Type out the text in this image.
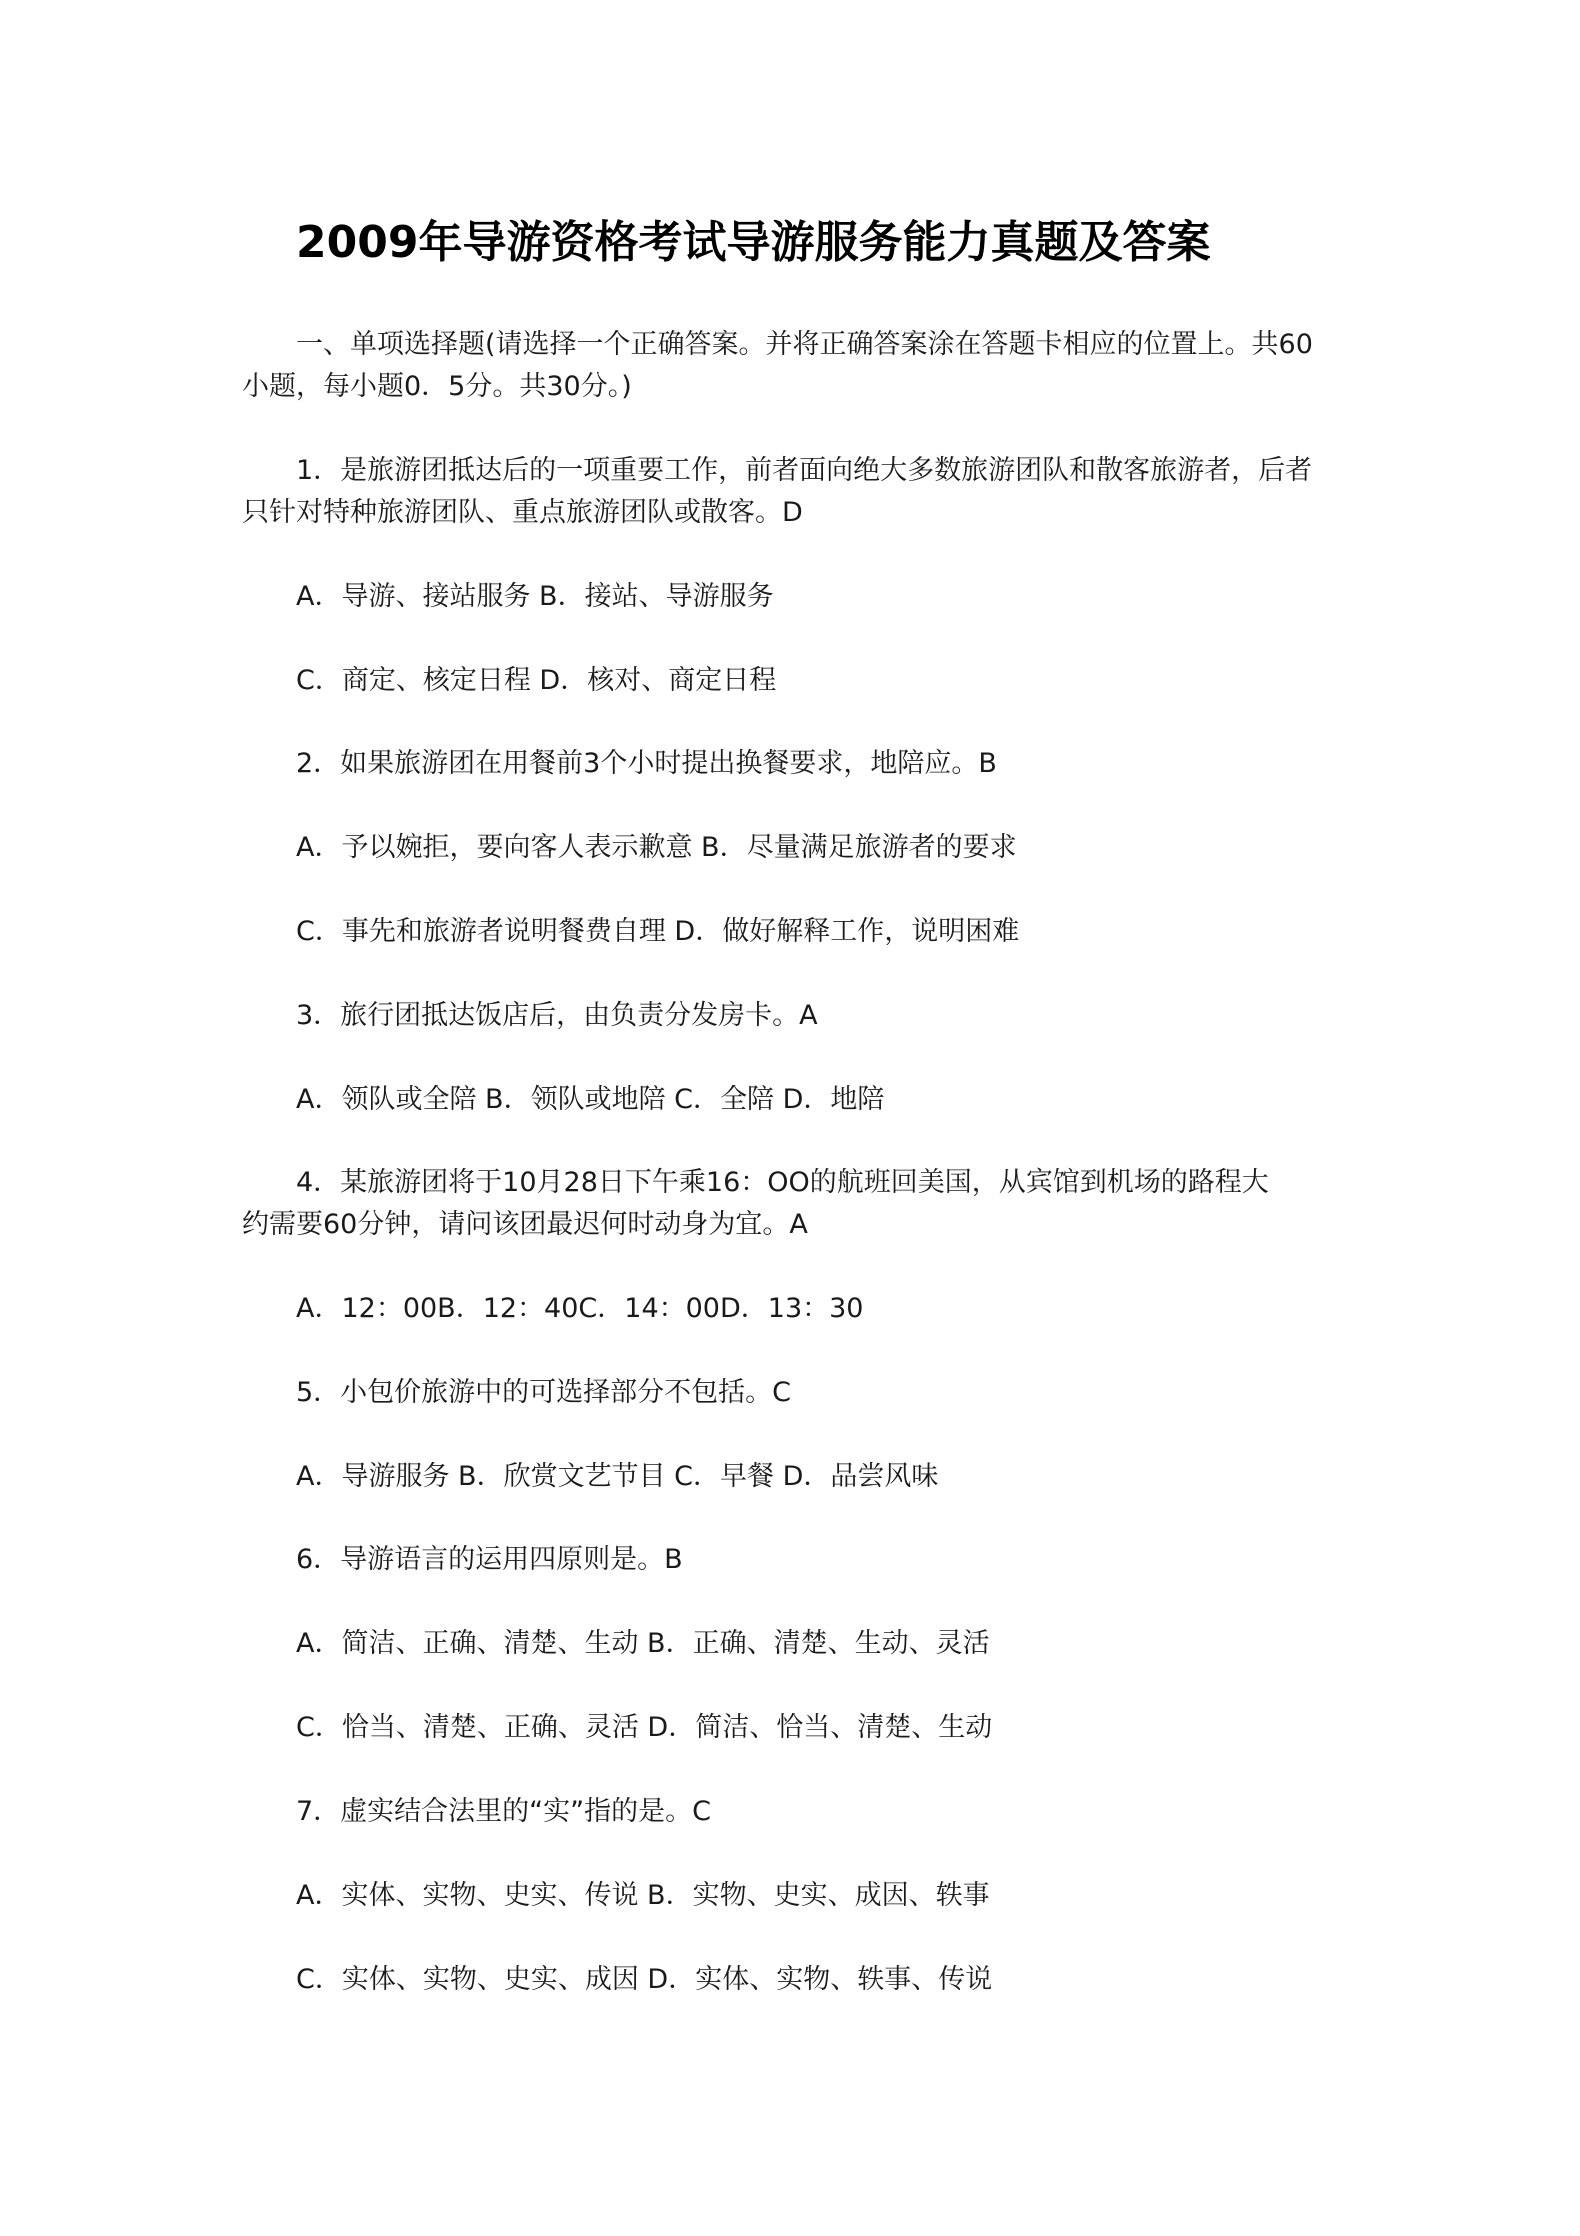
2009年导游资格考试导游服务能力真题及答案
一、单项选择题(请选择一个正确答案。并将正确答案涂在答题卡相应的位置上。共60
小题，每小题0．5分。共30分。)
1．是旅游团抵达后的一项重要工作，前者面向绝大多数旅游团队和散客旅游者，后者
只针对特种旅游团队、重点旅游团队或散客。D
A．导游、接站服务 B．接站、导游服务
C．商定、核定日程 D．核对、商定日程
2．如果旅游团在用餐前3个小时提出换餐要求，地陪应。B
A．予以婉拒，要向客人表示歉意 B．尽量满足旅游者的要求
C．事先和旅游者说明餐费自理 D．做好解释工作，说明困难
3．旅行团抵达饭店后，由负责分发房卡。A
A．领队或全陪 B．领队或地陪 C．全陪 D．地陪
4．某旅游团将于10月28日下午乘16：OO的航班回美国，从宾馆到机场的路程大
约需要60分钟，请问该团最迟何时动身为宜。A
A．12：00B．12：40C．14：00D．13：30
5．小包价旅游中的可选择部分不包括。C
A．导游服务 B．欣赏文艺节目 C．早餐 D．品尝风味
6．导游语言的运用四原则是。B
A．简洁、正确、清楚、生动 B．正确、清楚、生动、灵活
C．恰当、清楚、正确、灵活 D．简洁、恰当、清楚、生动
7．虚实结合法里的“实”指的是。C
A．实体、实物、史实、传说 B．实物、史实、成因、轶事
C．实体、实物、史实、成因 D．实体、实物、轶事、传说
